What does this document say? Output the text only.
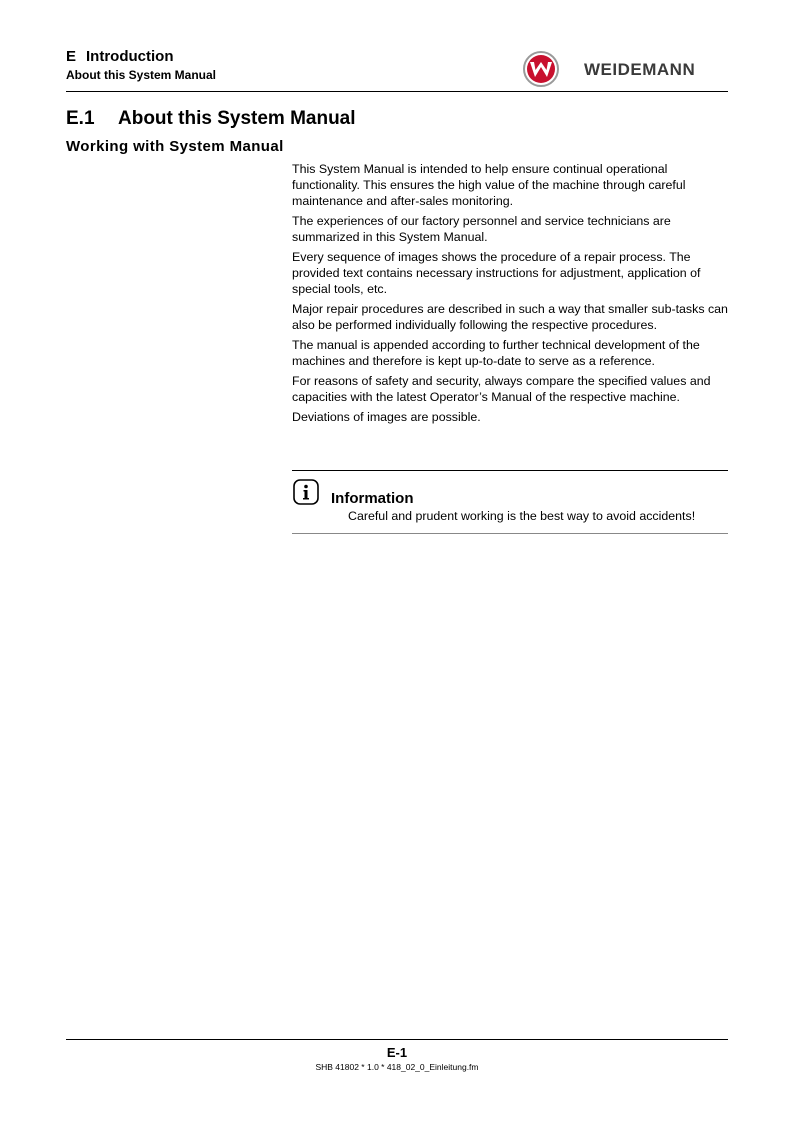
E Introduction

About this System Manual	WEIDEMANN
E.1 About this System Manual
Working with System Manual

This System Manual is intended to help ensure continual operational functionality. This ensures the high value of the machine through careful maintenance and after-sales monitoring.

The experiences of our factory personnel and service technicians are summarized in this System Manual.

Every sequence of images shows the procedure of a repair process. The provided text contains necessary instructions for adjustment, application of special tools, etc.

Major repair procedures are described in such a way that smaller sub-tasks can also be performed individually following the respective procedures.

The manual is appended according to further technical development of the machines and therefore is kept up-to-date to serve as a reference.

For reasons of safety and security, always compare the specified values and capacities with the latest Operator’s Manual of the respective machine.

Deviations of images are possible.

Information
Careful and prudent working is the best way to avoid accidents!
E-1
SHB 41802 * 1.0 * 418_02_0_Einleitung.fm
